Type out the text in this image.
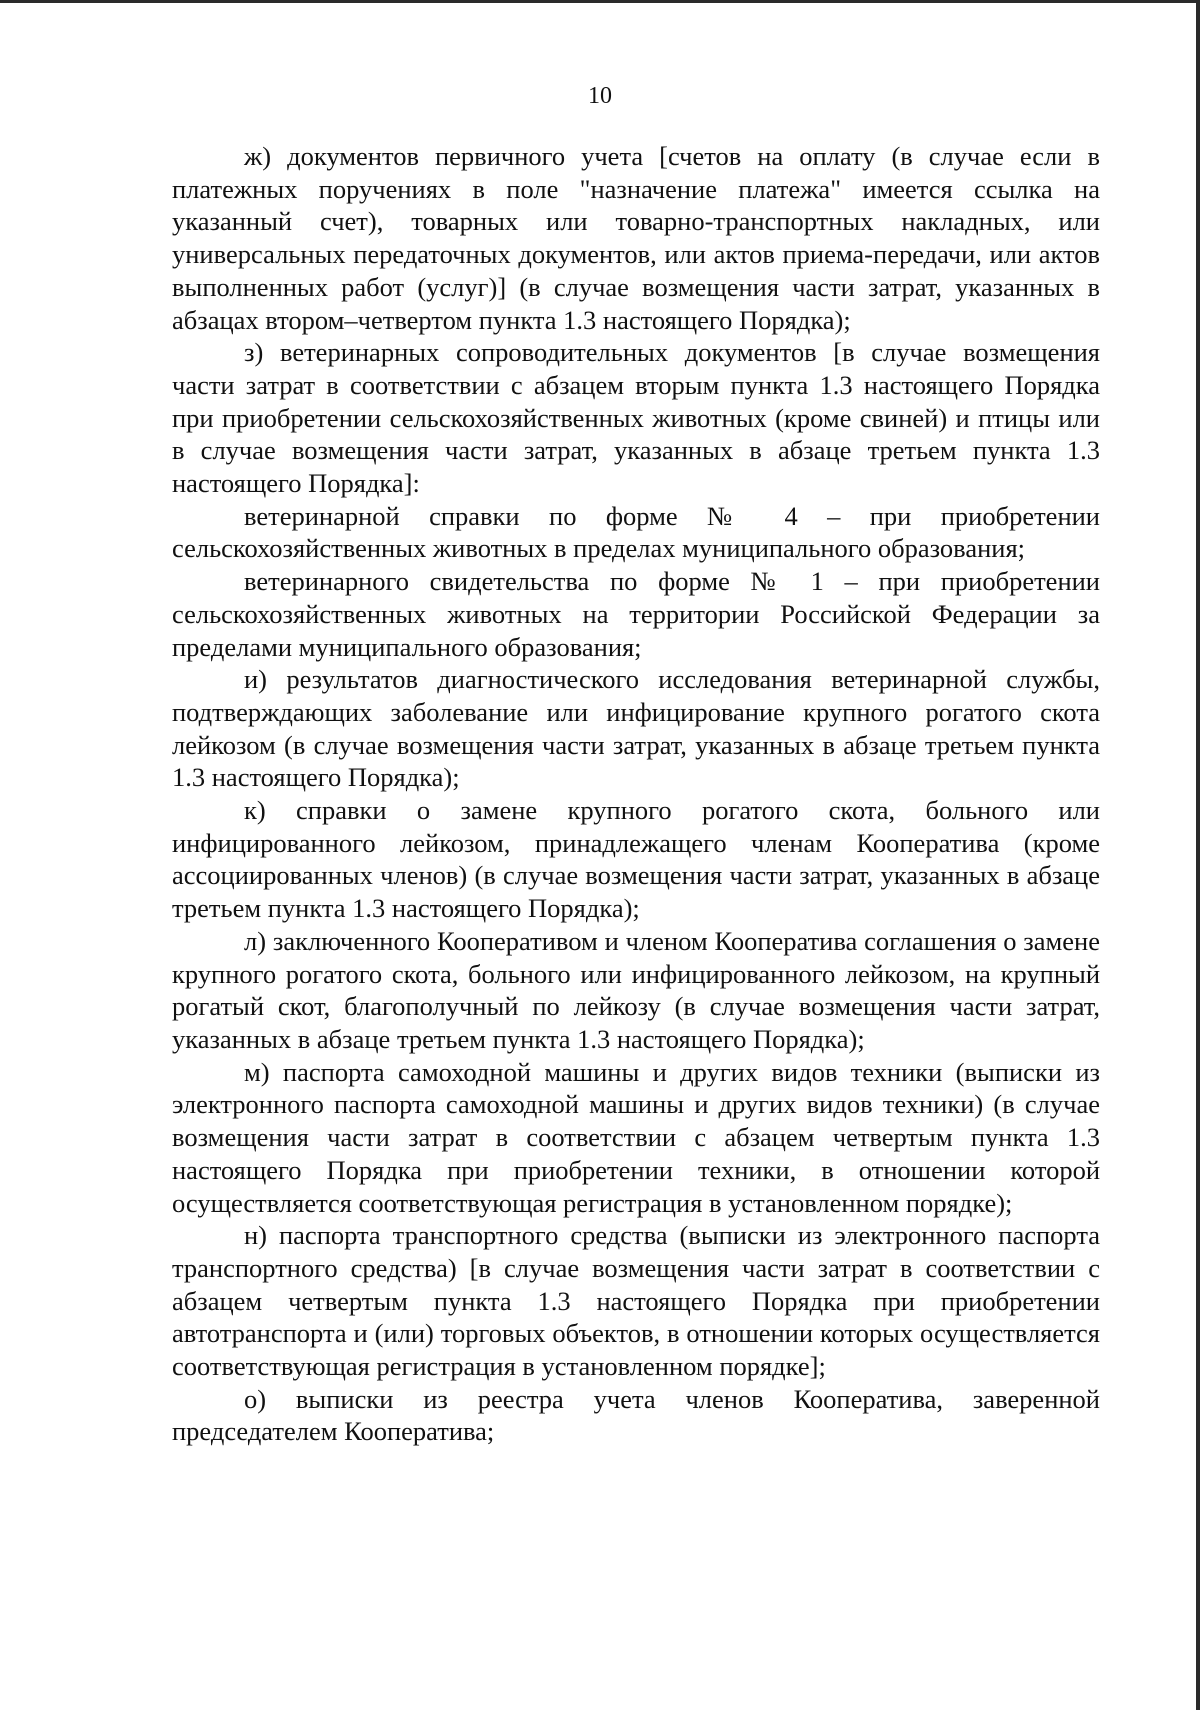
10

ж) документов первичного учета [счетов на оплату (в случае если в платежных поручениях в поле "назначение платежа" имеется ссылка на указанный счет), товарных или товарно-транспортных накладных, или универсальных передаточных документов, или актов приема-передачи, или актов выполненных работ (услуг)] (в случае возмещения части затрат, указанных в абзацах втором–четвертом пункта 1.3 настоящего Порядка);

з) ветеринарных сопроводительных документов [в случае возмещения части затрат в соответствии с абзацем вторым пункта 1.3 настоящего Порядка при приобретении сельскохозяйственных животных (кроме свиней) и птицы или в случае возмещения части затрат, указанных в абзаце третьем пункта 1.3 настоящего Порядка]:

ветеринарной справки по форме № 4 – при приобретении сельскохозяйственных животных в пределах муниципального образования;

ветеринарного свидетельства по форме № 1 – при приобретении сельскохозяйственных животных на территории Российской Федерации за пределами муниципального образования;

и) результатов диагностического исследования ветеринарной службы, подтверждающих заболевание или инфицирование крупного рогатого скота лейкозом (в случае возмещения части затрат, указанных в абзаце третьем пункта 1.3 настоящего Порядка);

к) справки о замене крупного рогатого скота, больного или инфицированного лейкозом, принадлежащего членам Кооператива (кроме ассоциированных членов) (в случае возмещения части затрат, указанных в абзаце третьем пункта 1.3 настоящего Порядка);

л) заключенного Кооперативом и членом Кооператива соглашения о замене крупного рогатого скота, больного или инфицированного лейкозом, на крупный рогатый скот, благополучный по лейкозу (в случае возмещения части затрат, указанных в абзаце третьем пункта 1.3 настоящего Порядка);

м) паспорта самоходной машины и других видов техники (выписки из электронного паспорта самоходной машины и других видов техники) (в случае возмещения части затрат в соответствии с абзацем четвертым пункта 1.3 настоящего Порядка при приобретении техники, в отношении которой осуществляется соответствующая регистрация в установленном порядке);

н) паспорта транспортного средства (выписки из электронного паспорта транспортного средства) [в случае возмещения части затрат в соответствии с абзацем четвертым пункта 1.3 настоящего Порядка при приобретении автотранспорта и (или) торговых объектов, в отношении которых осуществляется соответствующая регистрация в установленном порядке];

о) выписки из реестра учета членов Кооператива, заверенной председателем Кооператива;
